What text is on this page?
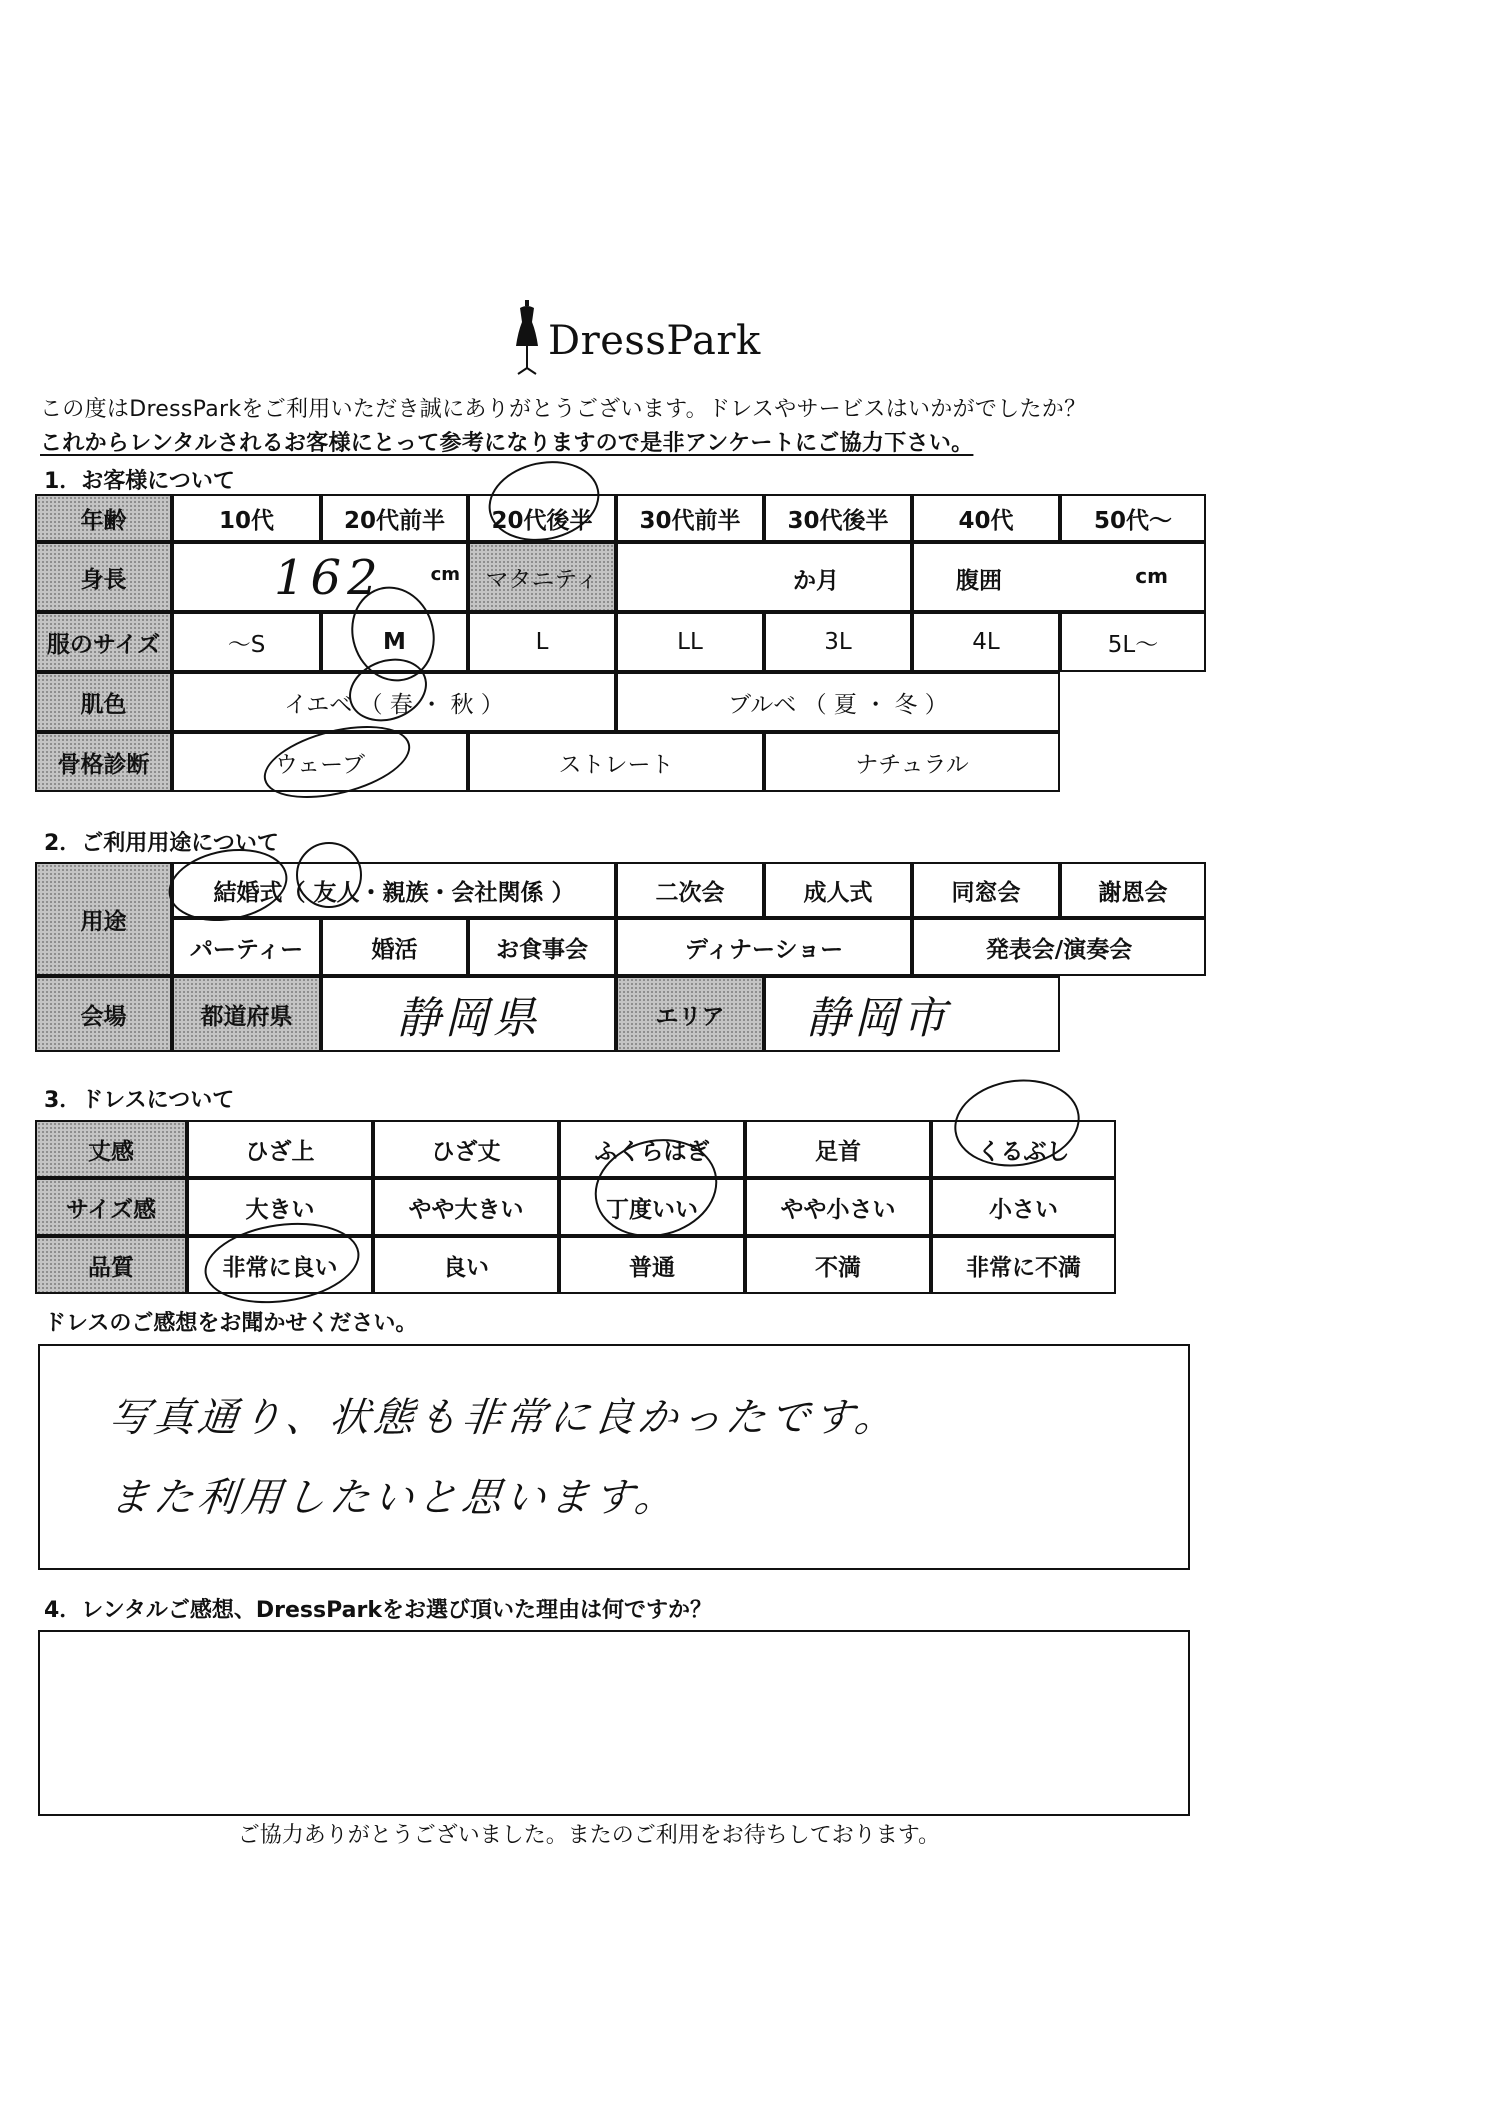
DressPark
この度はDressParkをご利用いただき誠にありがとうございます。ドレスやサービスはいかがでしたか？
これからレンタルされるお客様にとって参考になりますので是非アンケートにご協力下さい。
1．お客様について
年齢	10代	20代前半	20代後半	30代前半	30代後半	40代	50代～
身長	162	cm	マタニティ	か月	腹囲	cm
服のサイズ	～S	M	L	LL	3L	4L	5L～
肌色	イエベ （ 春 ・ 秋 ）	ブルベ （ 夏 ・ 冬 ）
骨格診断	ウェーブ	ストレート	ナチュラル
2．ご利用用途について
用途
結婚式（ 友人・親族・会社関係 ）	二次会	成人式	同窓会	謝恩会
パーティー	婚活	お食事会	ディナーショー	発表会/演奏会
会場	都道府県	静岡県	エリア	静岡市
3．ドレスについて
丈感	ひざ上	ひざ丈	ふくらはぎ	足首	くるぶし
サイズ感	大きい	やや大きい	丁度いい	やや小さい	小さい
品質	非常に良い	良い	普通	不満	非常に不満
ドレスのご感想をお聞かせください。
写真通り、状態も非常に良かったです。
また利用したいと思います。
4．レンタルご感想、DressParkをお選び頂いた理由は何ですか？
ご協力ありがとうございました。またのご利用をお待ちしております。
